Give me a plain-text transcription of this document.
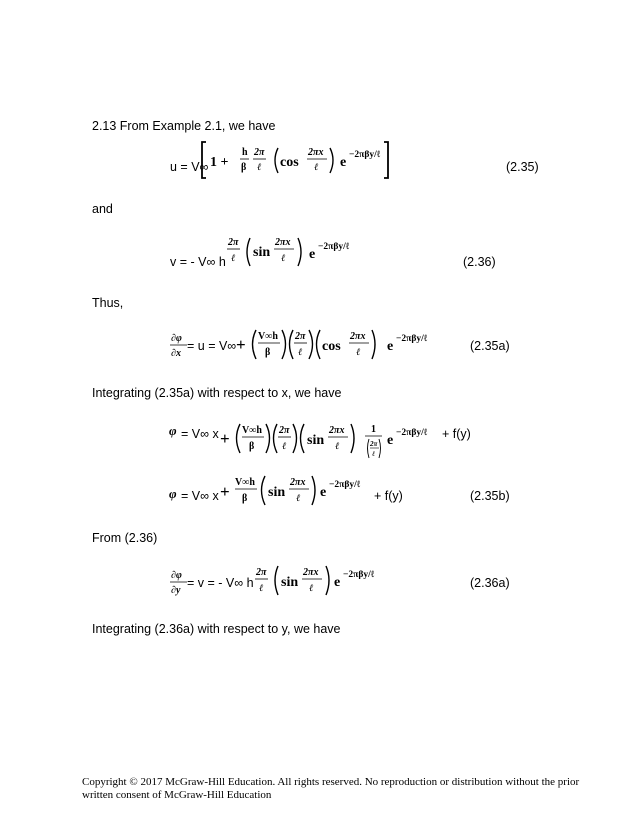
2.13 From Example 2.1, we have
u = V∞ 1 +
h
β
2π
ℓ cos
2πx
ℓ e −2πβy/ℓ
(2.35)
and
v = - V∞ h
2π
ℓ sin
2πx
ℓ e −2πβy/ℓ
(2.36)
Thus,
∂φ
∂x
= u = V∞ + V∞h
β
2π
ℓ cos
2πx
ℓ e −2πβy/ℓ	(2.35a)
Integrating (2.35a) with respect to x, we have
φ = V∞ x + V∞h
β
2π
ℓ sin
2πx
ℓ
1
2π
ℓ
e −2πβy/ℓ + f(y)
φ = V∞ x + V∞h
β sin
2πx
ℓ e −2πβy/ℓ
+ f(y)	(2.35b)
From (2.36)
∂φ
∂y
= v = - V∞ h
2π
ℓ sin
2πx
ℓ e −2πβy/ℓ
(2.36a)
Integrating (2.36a) with respect to y, we have
Copyright © 2017 McGraw-Hill Education. All rights reserved. No reproduction or distribution without the prior written consent of McGraw-Hill Education
